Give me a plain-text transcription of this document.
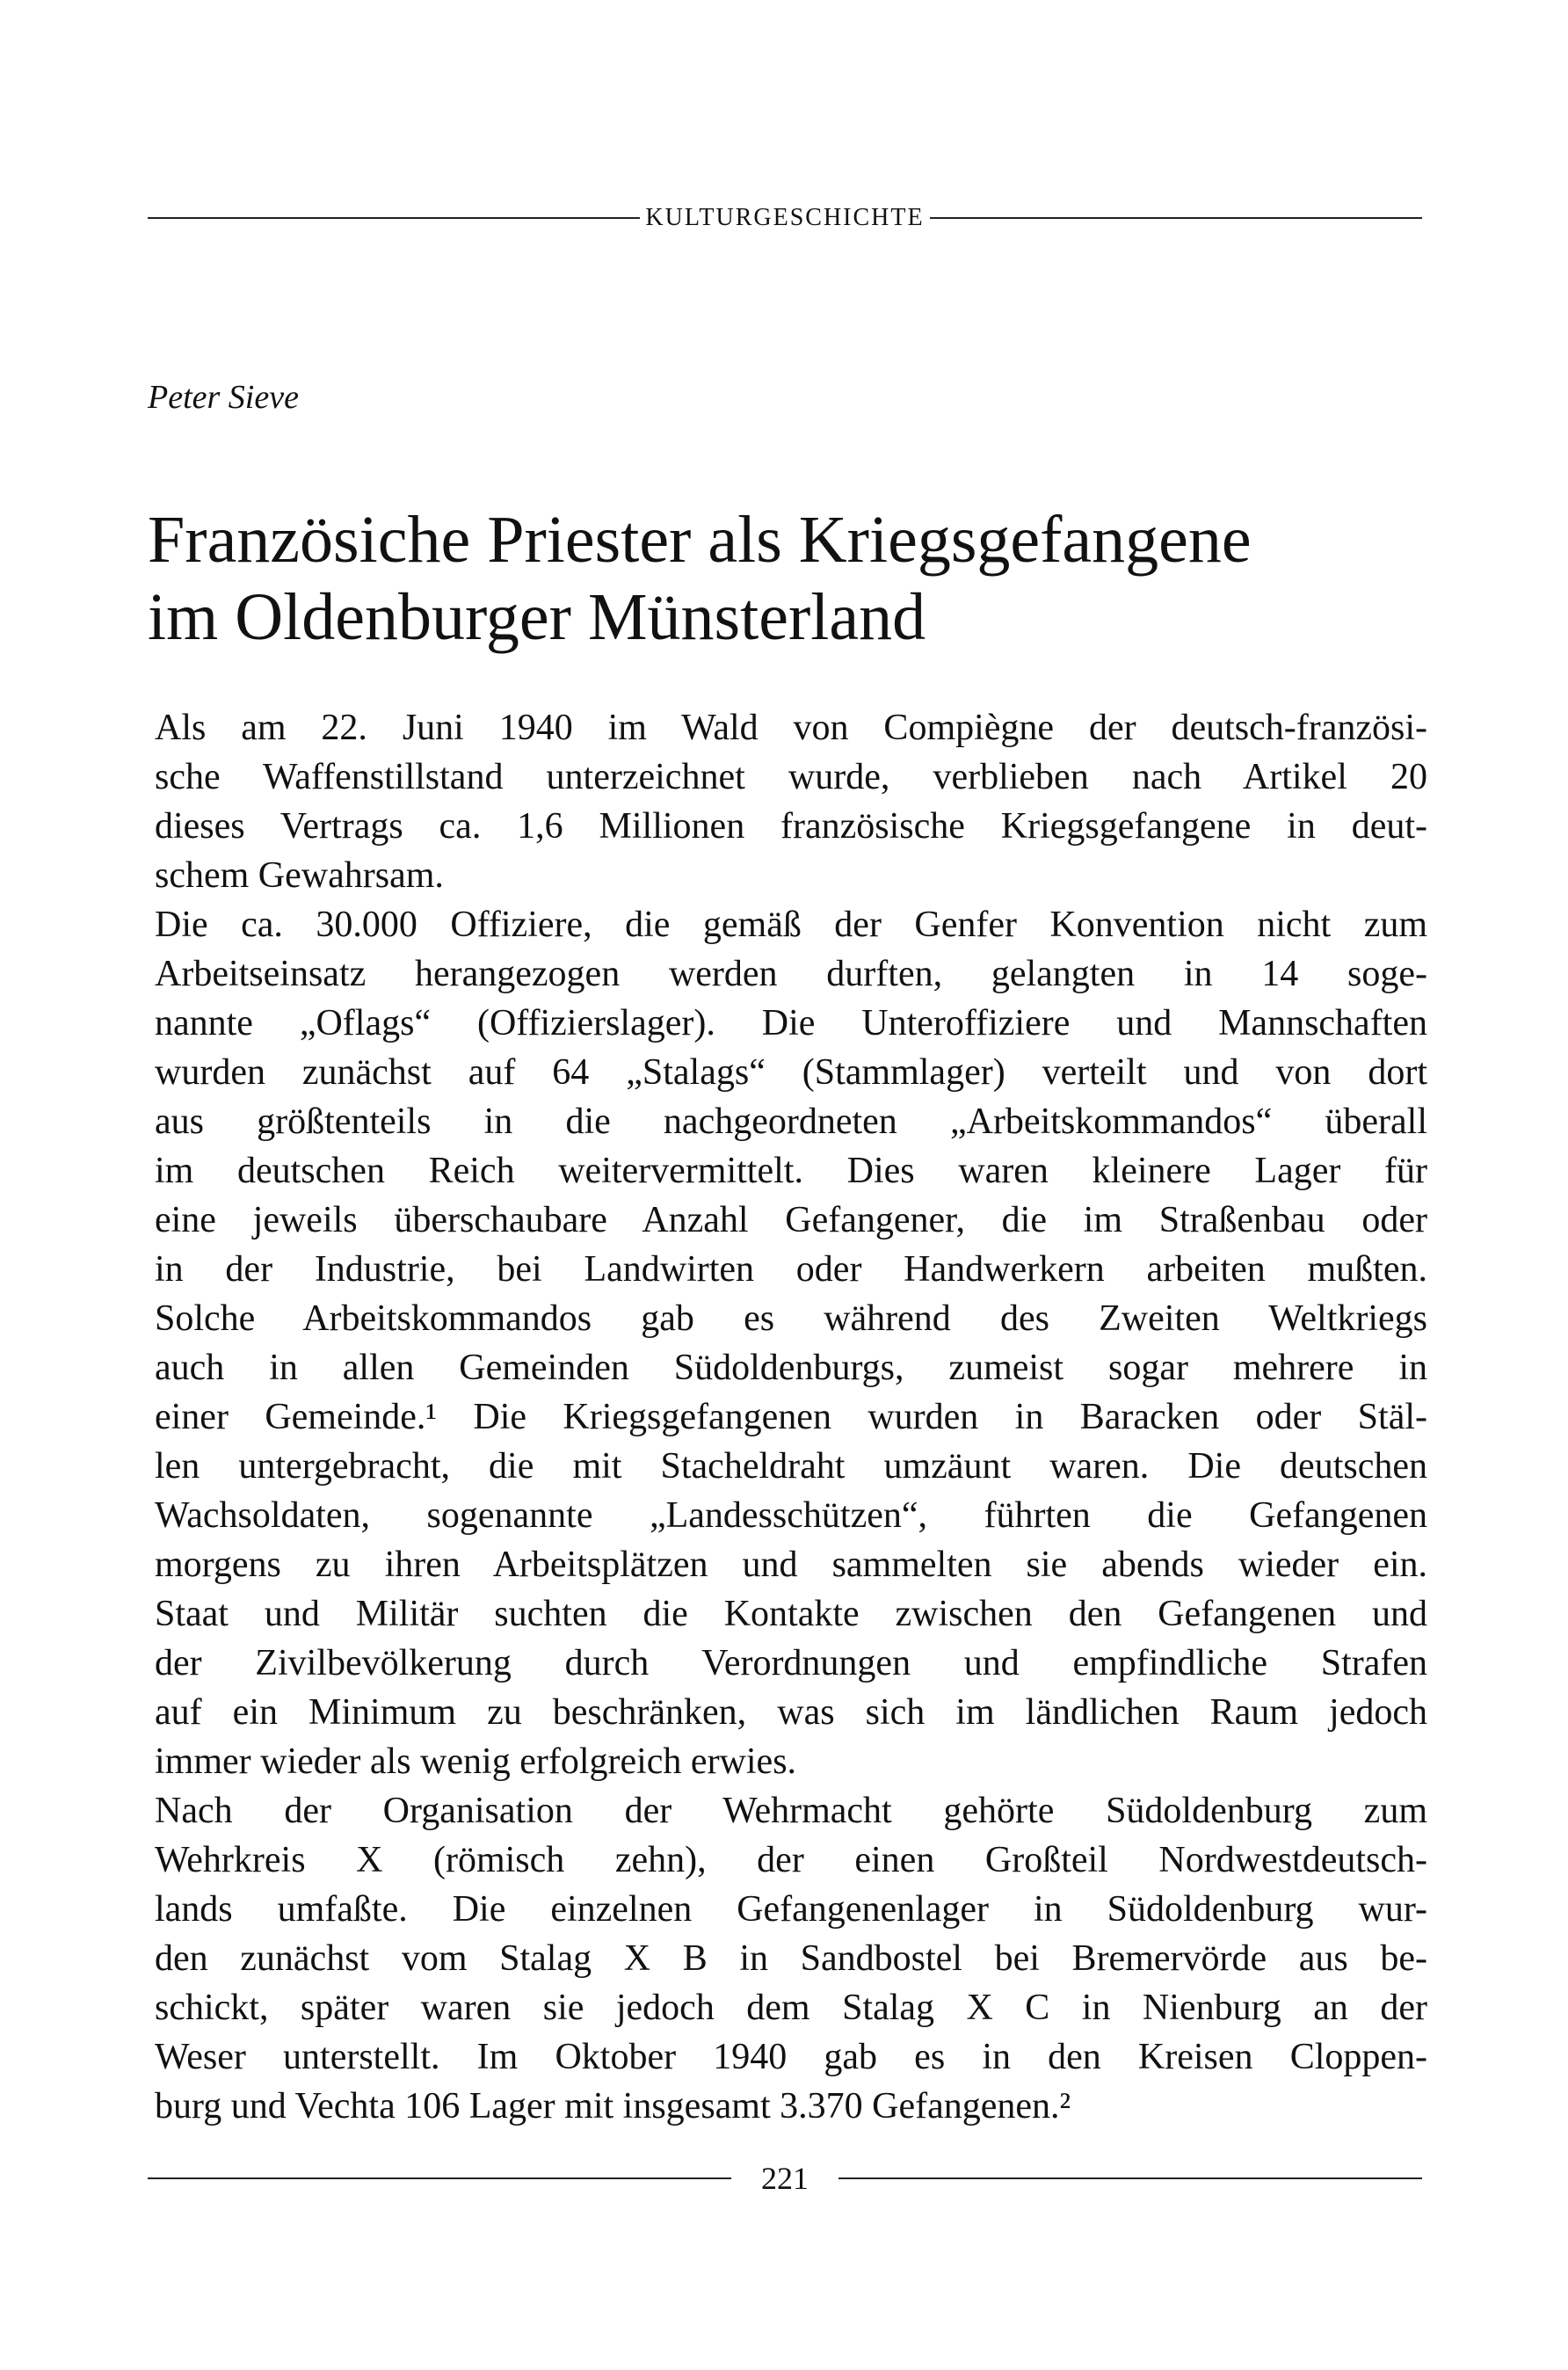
KULTURGESCHICHTE
Peter Sieve
Französiche Priester als Kriegsgefangene
im Oldenburger Münsterland
Als am 22. Juni 1940 im Wald von Compiègne der deutsch-französi-
sche Waffenstillstand unterzeichnet wurde, verblieben nach Artikel 20
dieses Vertrags ca. 1,6 Millionen französische Kriegsgefangene in deut-
schem Gewahrsam.
Die ca. 30.000 Offiziere, die gemäß der Genfer Konvention nicht zum
Arbeitseinsatz herangezogen werden durften, gelangten in 14 soge-
nannte „Oflags“ (Offizierslager). Die Unteroffiziere und Mannschaften
wurden zunächst auf 64 „Stalags“ (Stammlager) verteilt und von dort
aus größtenteils in die nachgeordneten „Arbeitskommandos“ überall
im deutschen Reich weitervermittelt. Dies waren kleinere Lager für
eine jeweils überschaubare Anzahl Gefangener, die im Straßenbau oder
in der Industrie, bei Landwirten oder Handwerkern arbeiten mußten.
Solche Arbeitskommandos gab es während des Zweiten Weltkriegs
auch in allen Gemeinden Südoldenburgs, zumeist sogar mehrere in
einer Gemeinde.¹ Die Kriegsgefangenen wurden in Baracken oder Stäl-
len untergebracht, die mit Stacheldraht umzäunt waren. Die deutschen
Wachsoldaten, sogenannte „Landesschützen“, führten die Gefangenen
morgens zu ihren Arbeitsplätzen und sammelten sie abends wieder ein.
Staat und Militär suchten die Kontakte zwischen den Gefangenen und
der Zivilbevölkerung durch Verordnungen und empfindliche Strafen
auf ein Minimum zu beschränken, was sich im ländlichen Raum jedoch
immer wieder als wenig erfolgreich erwies.
Nach der Organisation der Wehrmacht gehörte Südoldenburg zum
Wehrkreis X (römisch zehn), der einen Großteil Nordwestdeutsch-
lands umfaßte. Die einzelnen Gefangenenlager in Südoldenburg wur-
den zunächst vom Stalag X B in Sandbostel bei Bremervörde aus be-
schickt, später waren sie jedoch dem Stalag X C in Nienburg an der
Weser unterstellt. Im Oktober 1940 gab es in den Kreisen Cloppen-
burg und Vechta 106 Lager mit insgesamt 3.370 Gefangenen.²
221
